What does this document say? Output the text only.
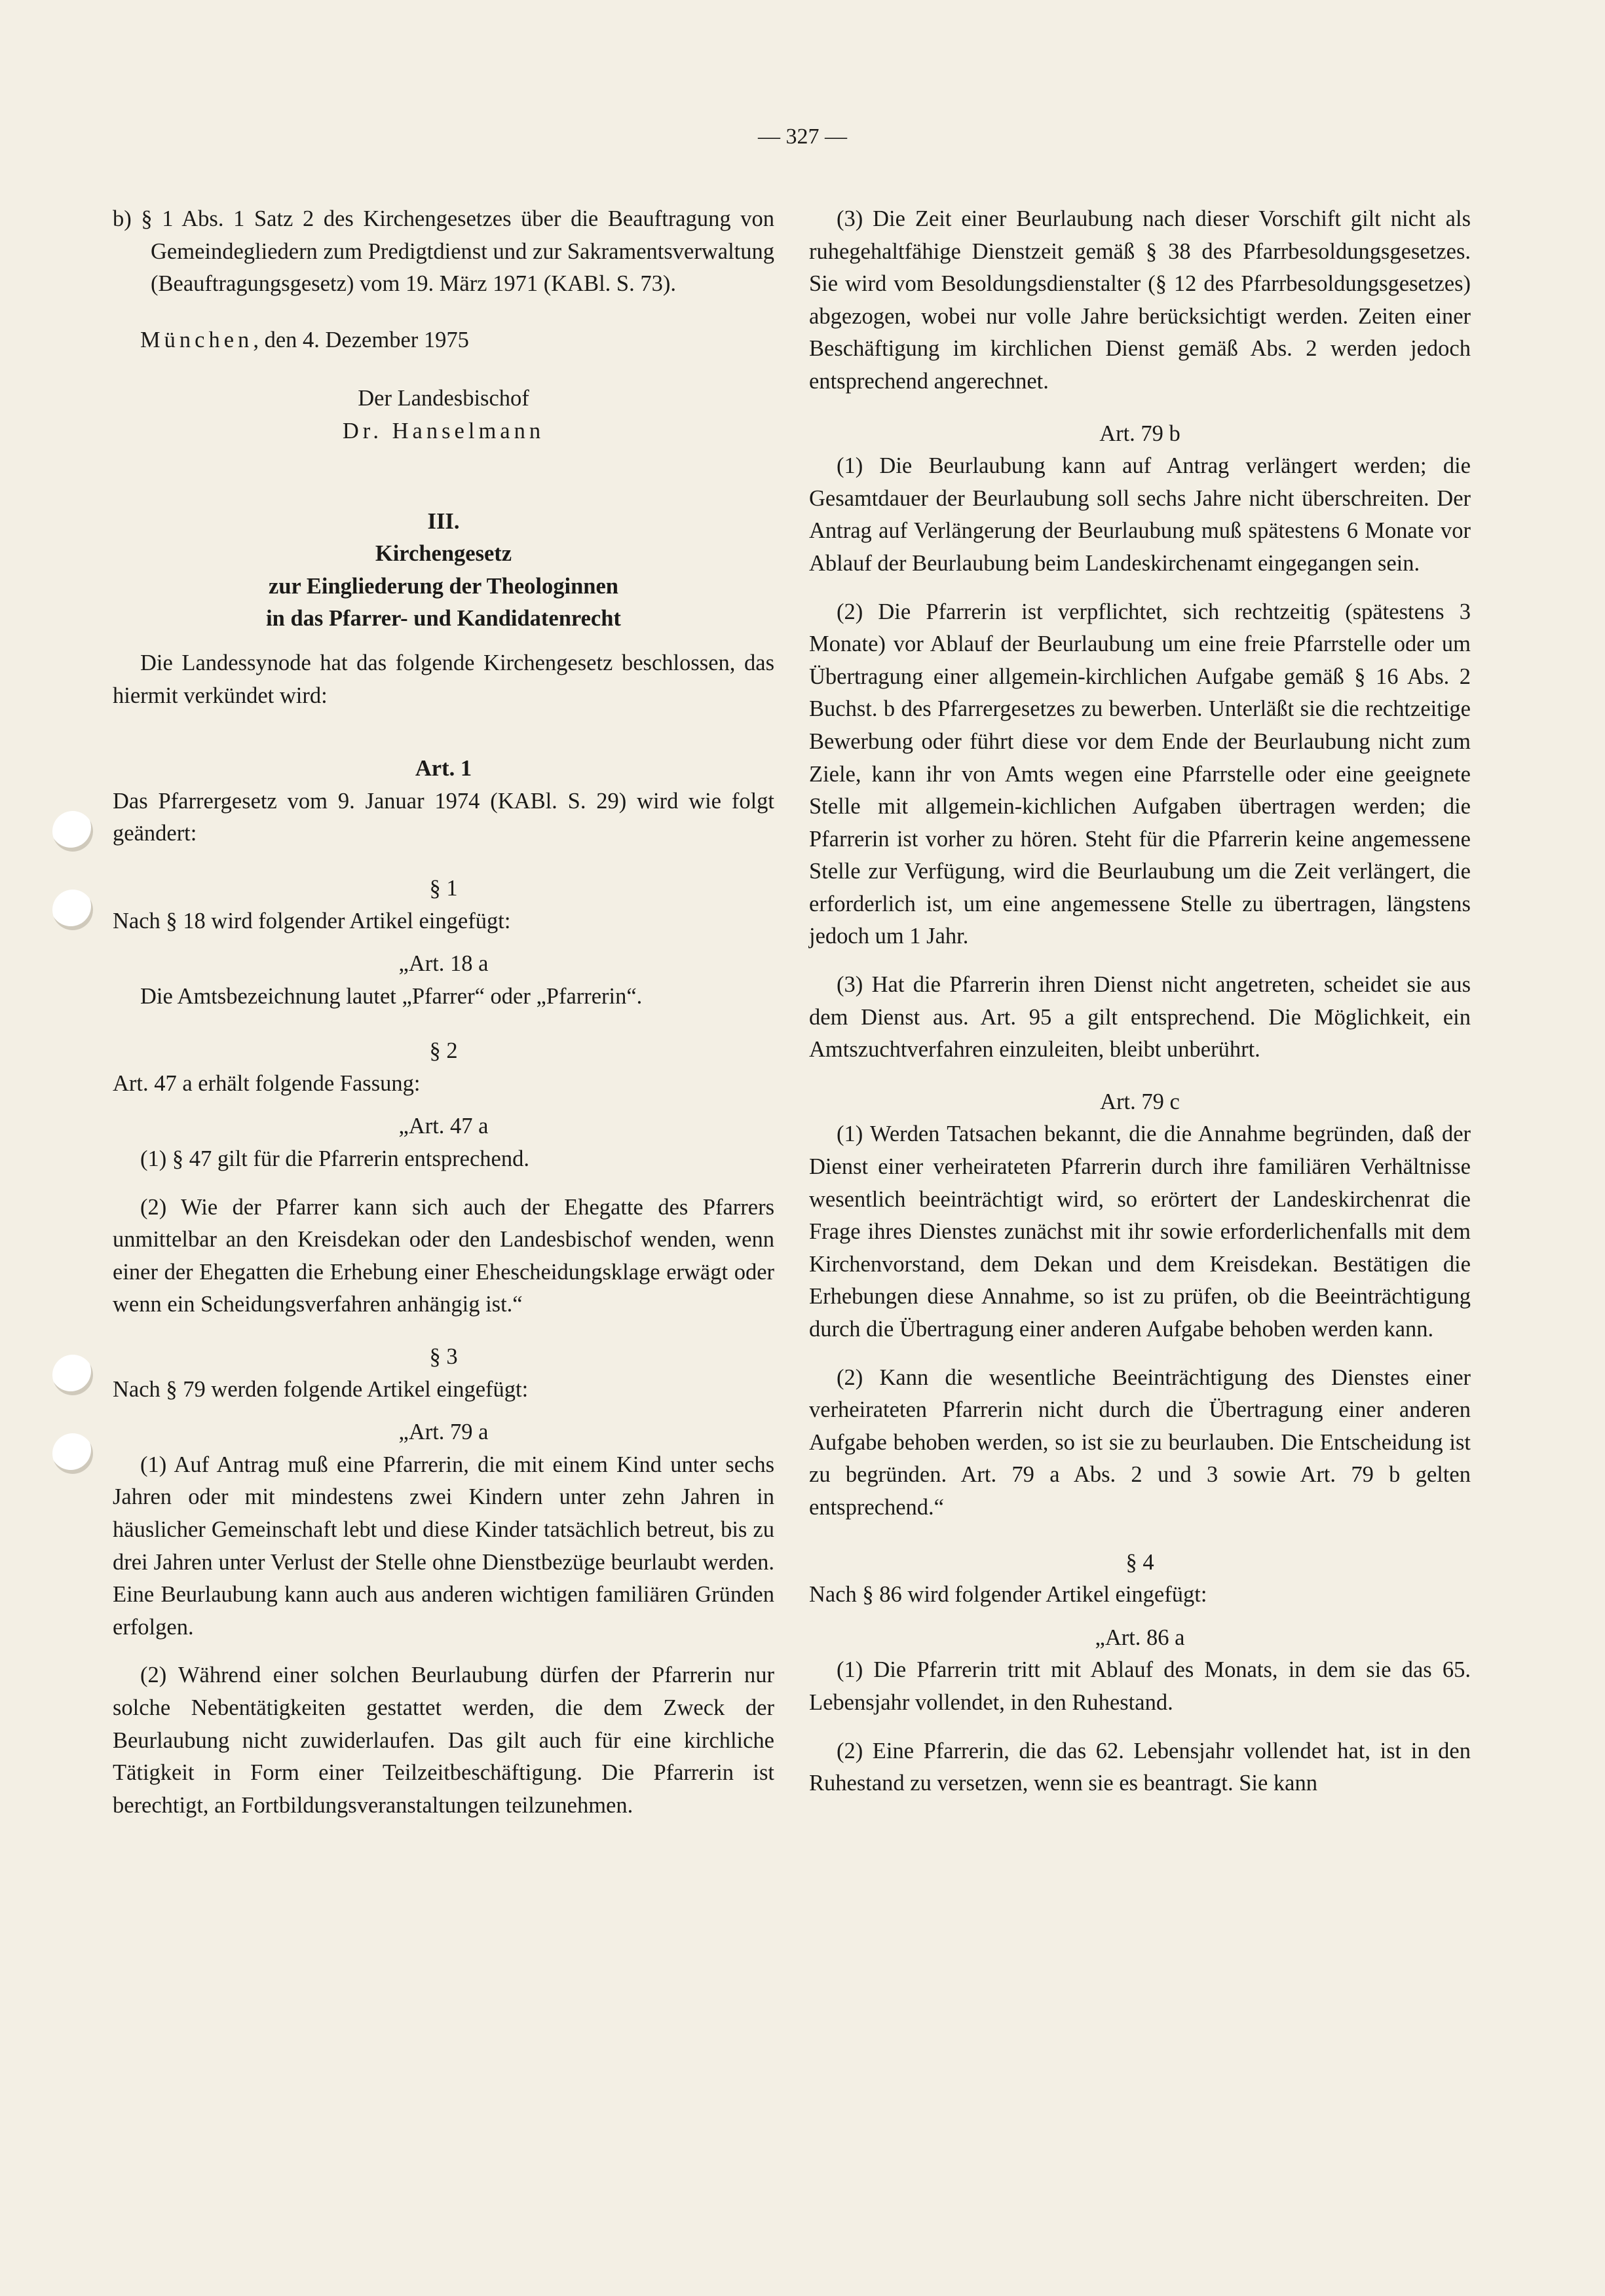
— 327 —

b) § 1 Abs. 1 Satz 2 des Kirchengesetzes über die Beauftragung von Gemeindegliedern zum Predigtdienst und zur Sakramentsverwaltung (Beauftragungsgesetz) vom 19. März 1971 (KABl. S. 73).

München, den 4. Dezember 1975

Der Landesbischof

Dr. Hanselmann

III.

Kirchengesetz

zur Eingliederung der Theologinnen

in das Pfarrer- und Kandidatenrecht

Die Landessynode hat das folgende Kirchengesetz beschlossen, das hiermit verkündet wird:

Art. 1

Das Pfarrergesetz vom 9. Januar 1974 (KABl. S. 29) wird wie folgt geändert:

§ 1

Nach § 18 wird folgender Artikel eingefügt:

„Art. 18 a

Die Amtsbezeichnung lautet „Pfarrer“ oder „Pfarrerin“.

§ 2

Art. 47 a erhält folgende Fassung:

„Art. 47 a

(1) § 47 gilt für die Pfarrerin entsprechend.

(2) Wie der Pfarrer kann sich auch der Ehegatte des Pfarrers unmittelbar an den Kreisdekan oder den Landesbischof wenden, wenn einer der Ehegatten die Erhebung einer Ehescheidungsklage erwägt oder wenn ein Scheidungsverfahren anhängig ist.“

§ 3

Nach § 79 werden folgende Artikel eingefügt:

„Art. 79 a

(1) Auf Antrag muß eine Pfarrerin, die mit einem Kind unter sechs Jahren oder mit mindestens zwei Kindern unter zehn Jahren in häuslicher Gemeinschaft lebt und diese Kinder tatsächlich betreut, bis zu drei Jahren unter Verlust der Stelle ohne Dienstbezüge beurlaubt werden. Eine Beurlaubung kann auch aus anderen wichtigen familiären Gründen erfolgen.

(2) Während einer solchen Beurlaubung dürfen der Pfarrerin nur solche Nebentätigkeiten gestattet werden, die dem Zweck der Beurlaubung nicht zuwiderlaufen. Das gilt auch für eine kirchliche Tätigkeit in Form einer Teilzeitbeschäftigung. Die Pfarrerin ist berechtigt, an Fortbildungsveranstaltungen teilzunehmen.

(3) Die Zeit einer Beurlaubung nach dieser Vorschift gilt nicht als ruhegehaltfähige Dienstzeit gemäß § 38 des Pfarrbesoldungsgesetzes. Sie wird vom Besoldungsdienstalter (§ 12 des Pfarrbesoldungsgesetzes) abgezogen, wobei nur volle Jahre berücksichtigt werden. Zeiten einer Beschäftigung im kirchlichen Dienst gemäß Abs. 2 werden jedoch entsprechend angerechnet.

Art. 79 b

(1) Die Beurlaubung kann auf Antrag verlängert werden; die Gesamtdauer der Beurlaubung soll sechs Jahre nicht überschreiten. Der Antrag auf Verlängerung der Beurlaubung muß spätestens 6 Monate vor Ablauf der Beurlaubung beim Landeskirchenamt eingegangen sein.

(2) Die Pfarrerin ist verpflichtet, sich rechtzeitig (spätestens 3 Monate) vor Ablauf der Beurlaubung um eine freie Pfarrstelle oder um Übertragung einer allgemein-kirchlichen Aufgabe gemäß § 16 Abs. 2 Buchst. b des Pfarrergesetzes zu bewerben. Unterläßt sie die rechtzeitige Bewerbung oder führt diese vor dem Ende der Beurlaubung nicht zum Ziele, kann ihr von Amts wegen eine Pfarrstelle oder eine geeignete Stelle mit allgemein-kichlichen Aufgaben übertragen werden; die Pfarrerin ist vorher zu hören. Steht für die Pfarrerin keine angemessene Stelle zur Verfügung, wird die Beurlaubung um die Zeit verlängert, die erforderlich ist, um eine angemessene Stelle zu übertragen, längstens jedoch um 1 Jahr.

(3) Hat die Pfarrerin ihren Dienst nicht angetreten, scheidet sie aus dem Dienst aus. Art. 95 a gilt entsprechend. Die Möglichkeit, ein Amtszuchtverfahren einzuleiten, bleibt unberührt.

Art. 79 c

(1) Werden Tatsachen bekannt, die die Annahme begründen, daß der Dienst einer verheirateten Pfarrerin durch ihre familiären Verhältnisse wesentlich beeinträchtigt wird, so erörtert der Landeskirchenrat die Frage ihres Dienstes zunächst mit ihr sowie erforderlichenfalls mit dem Kirchenvorstand, dem Dekan und dem Kreisdekan. Bestätigen die Erhebungen diese Annahme, so ist zu prüfen, ob die Beeinträchtigung durch die Übertragung einer anderen Aufgabe behoben werden kann.

(2) Kann die wesentliche Beeinträchtigung des Dienstes einer verheirateten Pfarrerin nicht durch die Übertragung einer anderen Aufgabe behoben werden, so ist sie zu beurlauben. Die Entscheidung ist zu begründen. Art. 79 a Abs. 2 und 3 sowie Art. 79 b gelten entsprechend.“

§ 4

Nach § 86 wird folgender Artikel eingefügt:

„Art. 86 a

(1) Die Pfarrerin tritt mit Ablauf des Monats, in dem sie das 65. Lebensjahr vollendet, in den Ruhestand.

(2) Eine Pfarrerin, die das 62. Lebensjahr vollendet hat, ist in den Ruhestand zu versetzen, wenn sie es beantragt. Sie kann
